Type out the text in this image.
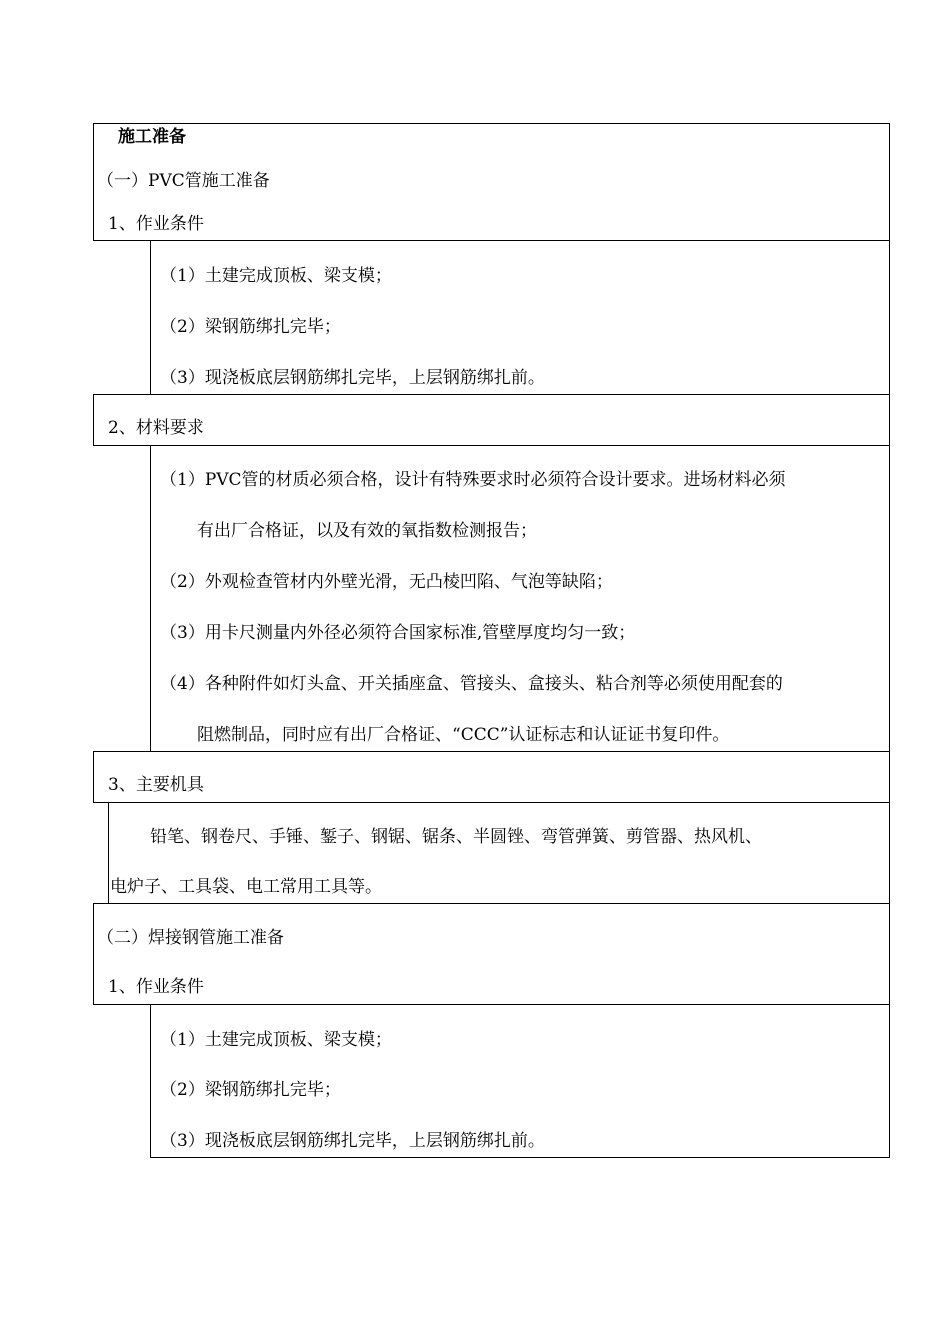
施工准备
（一）PVC管施工准备
1、作业条件
（1）土建完成顶板、梁支模；
（2）梁钢筋绑扎完毕；
（3）现浇板底层钢筋绑扎完毕，上层钢筋绑扎前。
2、材料要求
（1）PVC管的材质必须合格，设计有特殊要求时必须符合设计要求。进场材料必须
有出厂合格证，以及有效的氧指数检测报告；
（2）外观检查管材内外壁光滑，无凸棱凹陷、气泡等缺陷；
（3）用卡尺测量内外径必须符合国家标准,管壁厚度均匀一致；
（4）各种附件如灯头盒、开关插座盒、管接头、盒接头、粘合剂等必须使用配套的
阻燃制品，同时应有出厂合格证、“CCC”认证标志和认证证书复印件。
3、主要机具
铅笔、钢卷尺、手锤、錾子、钢锯、锯条、半圆锉、弯管弹簧、剪管器、热风机、
电炉子、工具袋、电工常用工具等。
（二）焊接钢管施工准备
1、作业条件
（1）土建完成顶板、梁支模；
（2）梁钢筋绑扎完毕；
（3）现浇板底层钢筋绑扎完毕，上层钢筋绑扎前。
